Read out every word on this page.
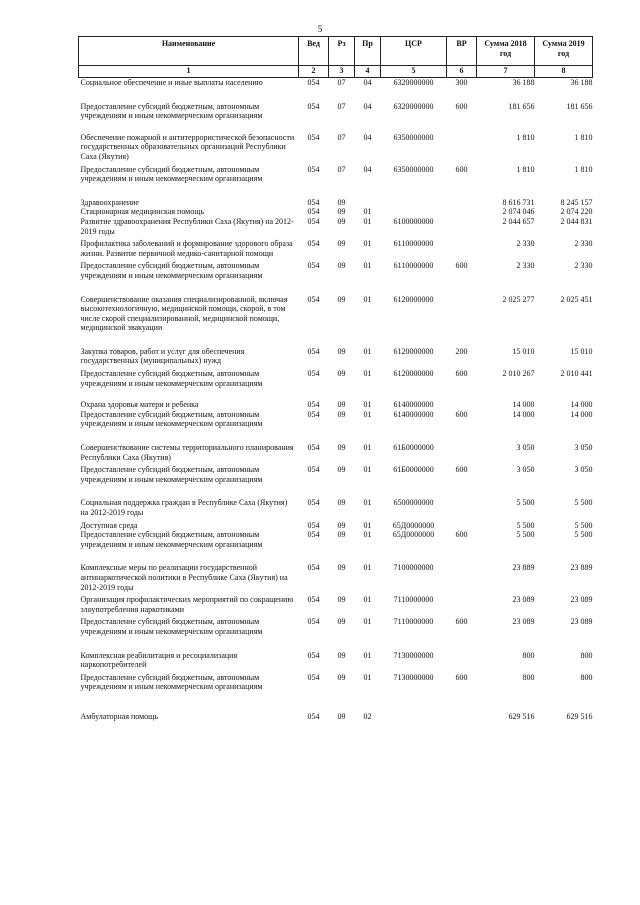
5
Наименование	Вед	Рз	Пр	ЦСР	ВР	Сумма 2018 год	Сумма 2019 год
1	2	3	4	5	6	7	8
Социальное обеспечение и иные выплаты населению	054	07	04	6320000000	300	36 188	36 188
Предоставление субсидий бюджетным, автономным учреждениям и иным некоммерческим организациям	054	07	04	6320000000	600	181 656	181 656
Обеспечение пожарной и антитеррористической безопасности государственных образовательных организаций Республики Саха (Якутия)	054	07	04	6350000000		1 810	1 810
Предоставление субсидий бюджетным, автономным учреждениям и иным некоммерческим организациям	054	07	04	6350000000	600	1 810	1 810
Здравоохранение	054	09				8 616 731	8 245 157
Стационарная медицинская помощь	054	09	01			2 074 046	2 074 220
Развитие здравоохранения Республики Саха (Якутия) на 2012-2019 годы	054	09	01	6100000000		2 044 657	2 044 831
Профилактика заболеваний и формирование здорового образа жизни. Развитие первичной медико-санитарной помощи	054	09	01	6110000000		2 330	2 330
Предоставление субсидий бюджетным, автономным учреждениям и иным некоммерческим организациям	054	09	01	6110000000	600	2 330	2 330
Совершенствование оказания специализированной, включая высокотехнологичную, медицинской помощи, скорой, в том числе скорой специализированной, медицинской помощи, медицинской эвакуации	054	09	01	6120000000		2 025 277	2 025 451
Закупка товаров, работ и услуг для обеспечения государственных (муниципальных) нужд	054	09	01	6120000000	200	15 010	15 010
Предоставление субсидий бюджетным, автономным учреждениям и иным некоммерческим организациям	054	09	01	6120000000	600	2 010 267	2 010 441
Охрана здоровья матери и ребенка	054	09	01	6140000000		14 000	14 000
Предоставление субсидий бюджетным, автономным учреждениям и иным некоммерческим организациям	054	09	01	6140000000	600	14 000	14 000
Совершенствование системы территориального планирования Республики Саха (Якутия)	054	09	01	61Б0000000		3 050	3 050
Предоставление субсидий бюджетным, автономным учреждениям и иным некоммерческим организациям	054	09	01	61Б0000000	600	3 050	3 050
Социальная поддержка граждан в Республике Саха (Якутия) на 2012-2019 годы	054	09	01	6500000000		5 500	5 500
Доступная среда	054	09	01	65Д0000000		5 500	5 500
Предоставление субсидий бюджетным, автономным учреждениям и иным некоммерческим организациям	054	09	01	65Д0000000	600	5 500	5 500
Комплексные меры по реализации государственной антинаркотической политики в Республике Саха (Якутия) на 2012-2019 годы	054	09	01	7100000000		23 889	23 889
Организация профилактических мероприятий по сокращению злоупотребления наркотиками	054	09	01	7110000000		23 089	23 089
Предоставление субсидий бюджетным, автономным учреждениям и иным некоммерческим организациям	054	09	01	7110000000	600	23 089	23 089
Комплексная реабилитация и ресоциализация наркопотребителей	054	09	01	7130000000		800	800
Предоставление субсидий бюджетным, автономным учреждениям и иным некоммерческим организациям	054	09	01	7130000000	600	800	800
Амбулаторная помощь	054	09	02			629 516	629 516
